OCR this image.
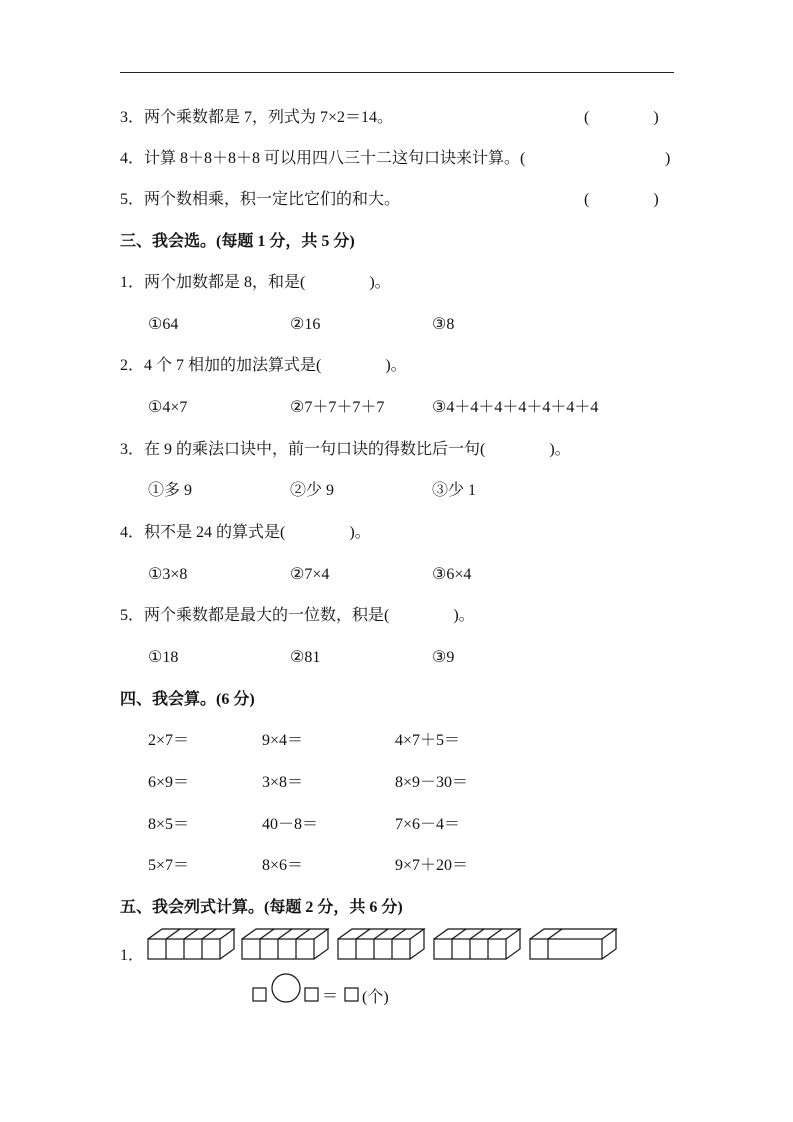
3．两个乘数都是 7，列式为 7×2＝14。	(　　　　)
4．计算 8＋8＋8＋8 可以用四八三十二这句口诀来计算。(	)
5．两个数相乘，积一定比它们的和大。	(　　　　)
三、我会选。(每题 1 分，共 5 分)
1．两个加数都是 8，和是(　　　　)。
①64	②16	③8
2．4 个 7 相加的加法算式是(　　　　)。
①4×7	②7＋7＋7＋7	③4＋4＋4＋4＋4＋4＋4
3．在 9 的乘法口诀中，前一句口诀的得数比后一句(　　　　)。
①多 9	②少 9	③少 1
4．积不是 24 的算式是(　　　　)。
①3×8	②7×4	③6×4
5．两个乘数都是最大的一位数，积是(　　　　)。
①18	②81	③9
四、我会算。(6 分)
2×7＝	9×4＝	4×7＋5＝
6×9＝	3×8＝	8×9－30＝
8×5＝	40－8＝	7×6－4＝
5×7＝	8×6＝	9×7＋20＝
五、我会列式计算。(每题 2 分，共 6 分)
1．
＝ (个)
